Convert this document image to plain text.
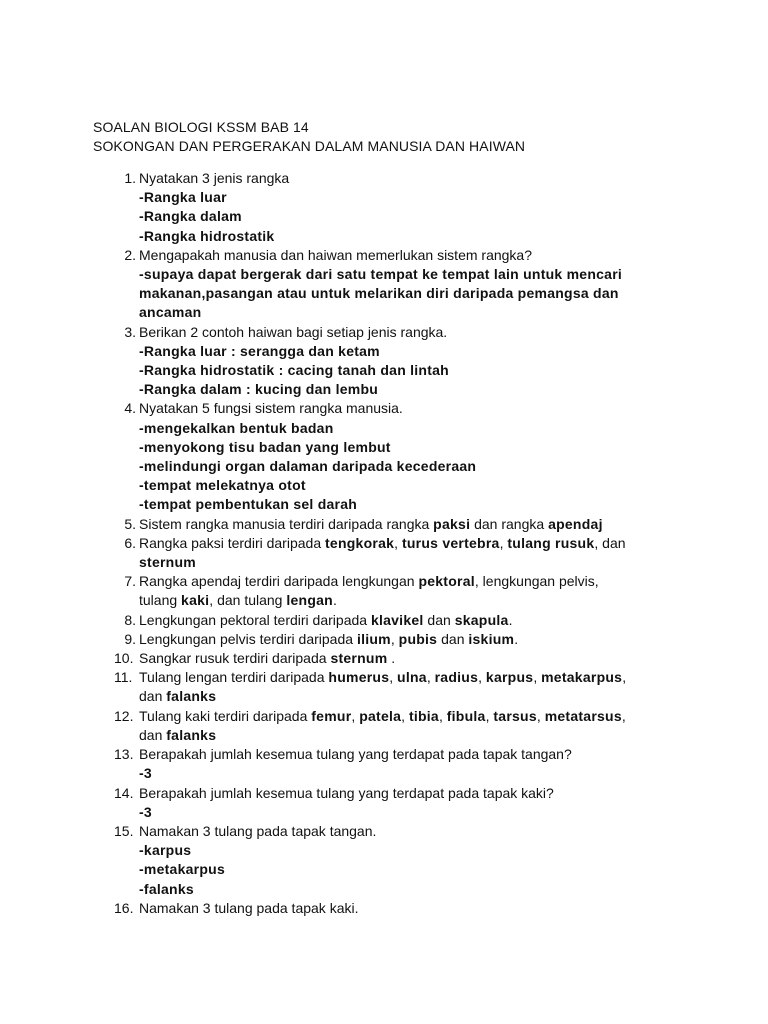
SOALAN BIOLOGI KSSM BAB 14
SOKONGAN DAN PERGERAKAN DALAM MANUSIA DAN HAIWAN
1. Nyatakan 3 jenis rangka
-Rangka luar
-Rangka dalam
-Rangka hidrostatik
2. Mengapakah manusia dan haiwan memerlukan sistem rangka?
-supaya dapat bergerak dari satu tempat ke tempat lain untuk mencari
makanan,pasangan atau untuk melarikan diri daripada pemangsa dan
ancaman
3. Berikan 2 contoh haiwan bagi setiap jenis rangka.
-Rangka luar : serangga dan ketam
-Rangka hidrostatik : cacing tanah dan lintah
-Rangka dalam : kucing dan lembu
4. Nyatakan 5 fungsi sistem rangka manusia.
-mengekalkan bentuk badan
-menyokong tisu badan yang lembut
-melindungi organ dalaman daripada kecederaan
-tempat melekatnya otot
-tempat pembentukan sel darah
5. Sistem rangka manusia terdiri daripada rangka paksi dan rangka apendaj
6. Rangka paksi terdiri daripada tengkorak, turus vertebra, tulang rusuk, dan
sternum
7. Rangka apendaj terdiri daripada lengkungan pektoral, lengkungan pelvis,
tulang kaki, dan tulang lengan.
8. Lengkungan pektoral terdiri daripada klavikel dan skapula.
9. Lengkungan pelvis terdiri daripada ilium, pubis dan iskium.
10. Sangkar rusuk terdiri daripada sternum .
11. Tulang lengan terdiri daripada humerus, ulna, radius, karpus, metakarpus,
dan falanks
12. Tulang kaki terdiri daripada femur, patela, tibia, fibula, tarsus, metatarsus,
dan falanks
13. Berapakah jumlah kesemua tulang yang terdapat pada tapak tangan?
-3
14. Berapakah jumlah kesemua tulang yang terdapat pada tapak kaki?
-3
15. Namakan 3 tulang pada tapak tangan.
-karpus
-metakarpus
-falanks
16. Namakan 3 tulang pada tapak kaki.
